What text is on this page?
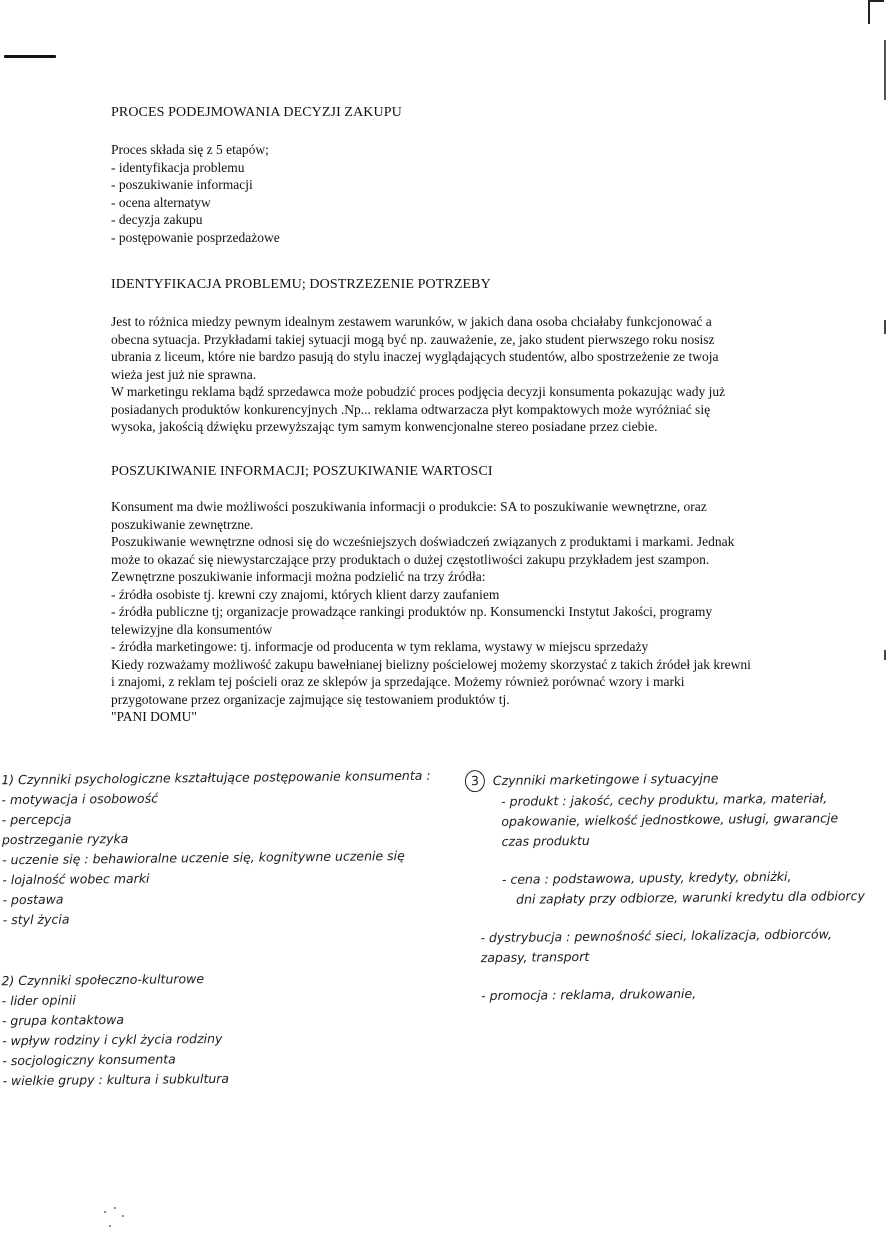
PROCES PODEJMOWANIA DECYZJI ZAKUPU

Proces składa się z 5 etapów;

- identyfikacja problemu
- poszukiwanie informacji
- ocena alternatyw
- decyzja zakupu
- postępowanie posprzedażowe
IDENTYFIKACJA PROBLEMU; DOSTRZEZENIE POTRZEBY

Jest to różnica miedzy pewnym idealnym zestawem warunków, w jakich dana osoba chciałaby funkcjonować a obecna sytuacja. Przykładami takiej sytuacji mogą być np. zauważenie, ze, jako student pierwszego roku nosisz ubrania z liceum, które nie bardzo pasują do stylu inaczej wyglądających studentów, albo spostrzeżenie ze twoja wieża jest już nie sprawna.

W marketingu reklama bądź sprzedawca może pobudzić proces podjęcia decyzji konsumenta pokazując wady już posiadanych produktów konkurencyjnych .Np... reklama odtwarzacza płyt kompaktowych może wyróżniać się wysoka, jakością dźwięku przewyższając tym samym konwencjonalne stereo posiadane przez ciebie.

POSZUKIWANIE INFORMACJI; POSZUKIWANIE WARTOSCI

Konsument ma dwie możliwości poszukiwania informacji o produkcie: SA to poszukiwanie wewnętrzne, oraz poszukiwanie zewnętrzne.

Poszukiwanie wewnętrzne odnosi się do wcześniejszych doświadczeń związanych z produktami i markami. Jednak może to okazać się niewystarczające przy produktach o dużej częstotliwości zakupu przykładem jest szampon.

Zewnętrzne poszukiwanie informacji można podzielić na trzy źródła:

- źródła osobiste tj. krewni czy znajomi, których klient darzy zaufaniem

- źródła publiczne tj; organizacje prowadzące rankingi produktów np. Konsumencki Instytut Jakości, programy telewizyjne dla konsumentów

- źródła marketingowe: tj. informacje od producenta w tym reklama, wystawy w miejscu sprzedaży

Kiedy rozważamy możliwość zakupu bawełnianej bielizny pościelowej możemy skorzystać z takich źródeł jak krewni i znajomi, z reklam tej pościeli oraz ze sklepów ja sprzedające. Możemy również porównać wzory i marki przygotowane przez organizacje zajmujące się testowaniem produktów tj.

"PANI DOMU"

1) Czynniki psychologiczne kształtujące postępowanie konsumenta :
- motywacja i osobowość
- percepcja
postrzeganie ryzyka
- uczenie się : behawioralne uczenie się, kognitywne uczenie się
- lojalność wobec marki
- postawa
- styl życia
2) Czynniki społeczno-kulturowe
- lider opinii
- grupa kontaktowa
- wpływ rodziny i cykl życia rodziny
- socjologiczny konsumenta
- wielkie grupy : kultura i subkultura
3 Czynniki marketingowe i sytuacyjne
- produkt : jakość, cechy produktu, marka, materiał, opakowanie, wielkość jednostkowe, usługi, gwarancje
czas produktu
- cena : podstawowa, upusty, kredyty, obniżki,
dni zapłaty przy odbiorze, warunki kredytu dla odbiorcy
- dystrybucja : pewnośność sieci, lokalizacja, odbiorców, zapasy, transport
- promocja : reklama, drukowanie,
